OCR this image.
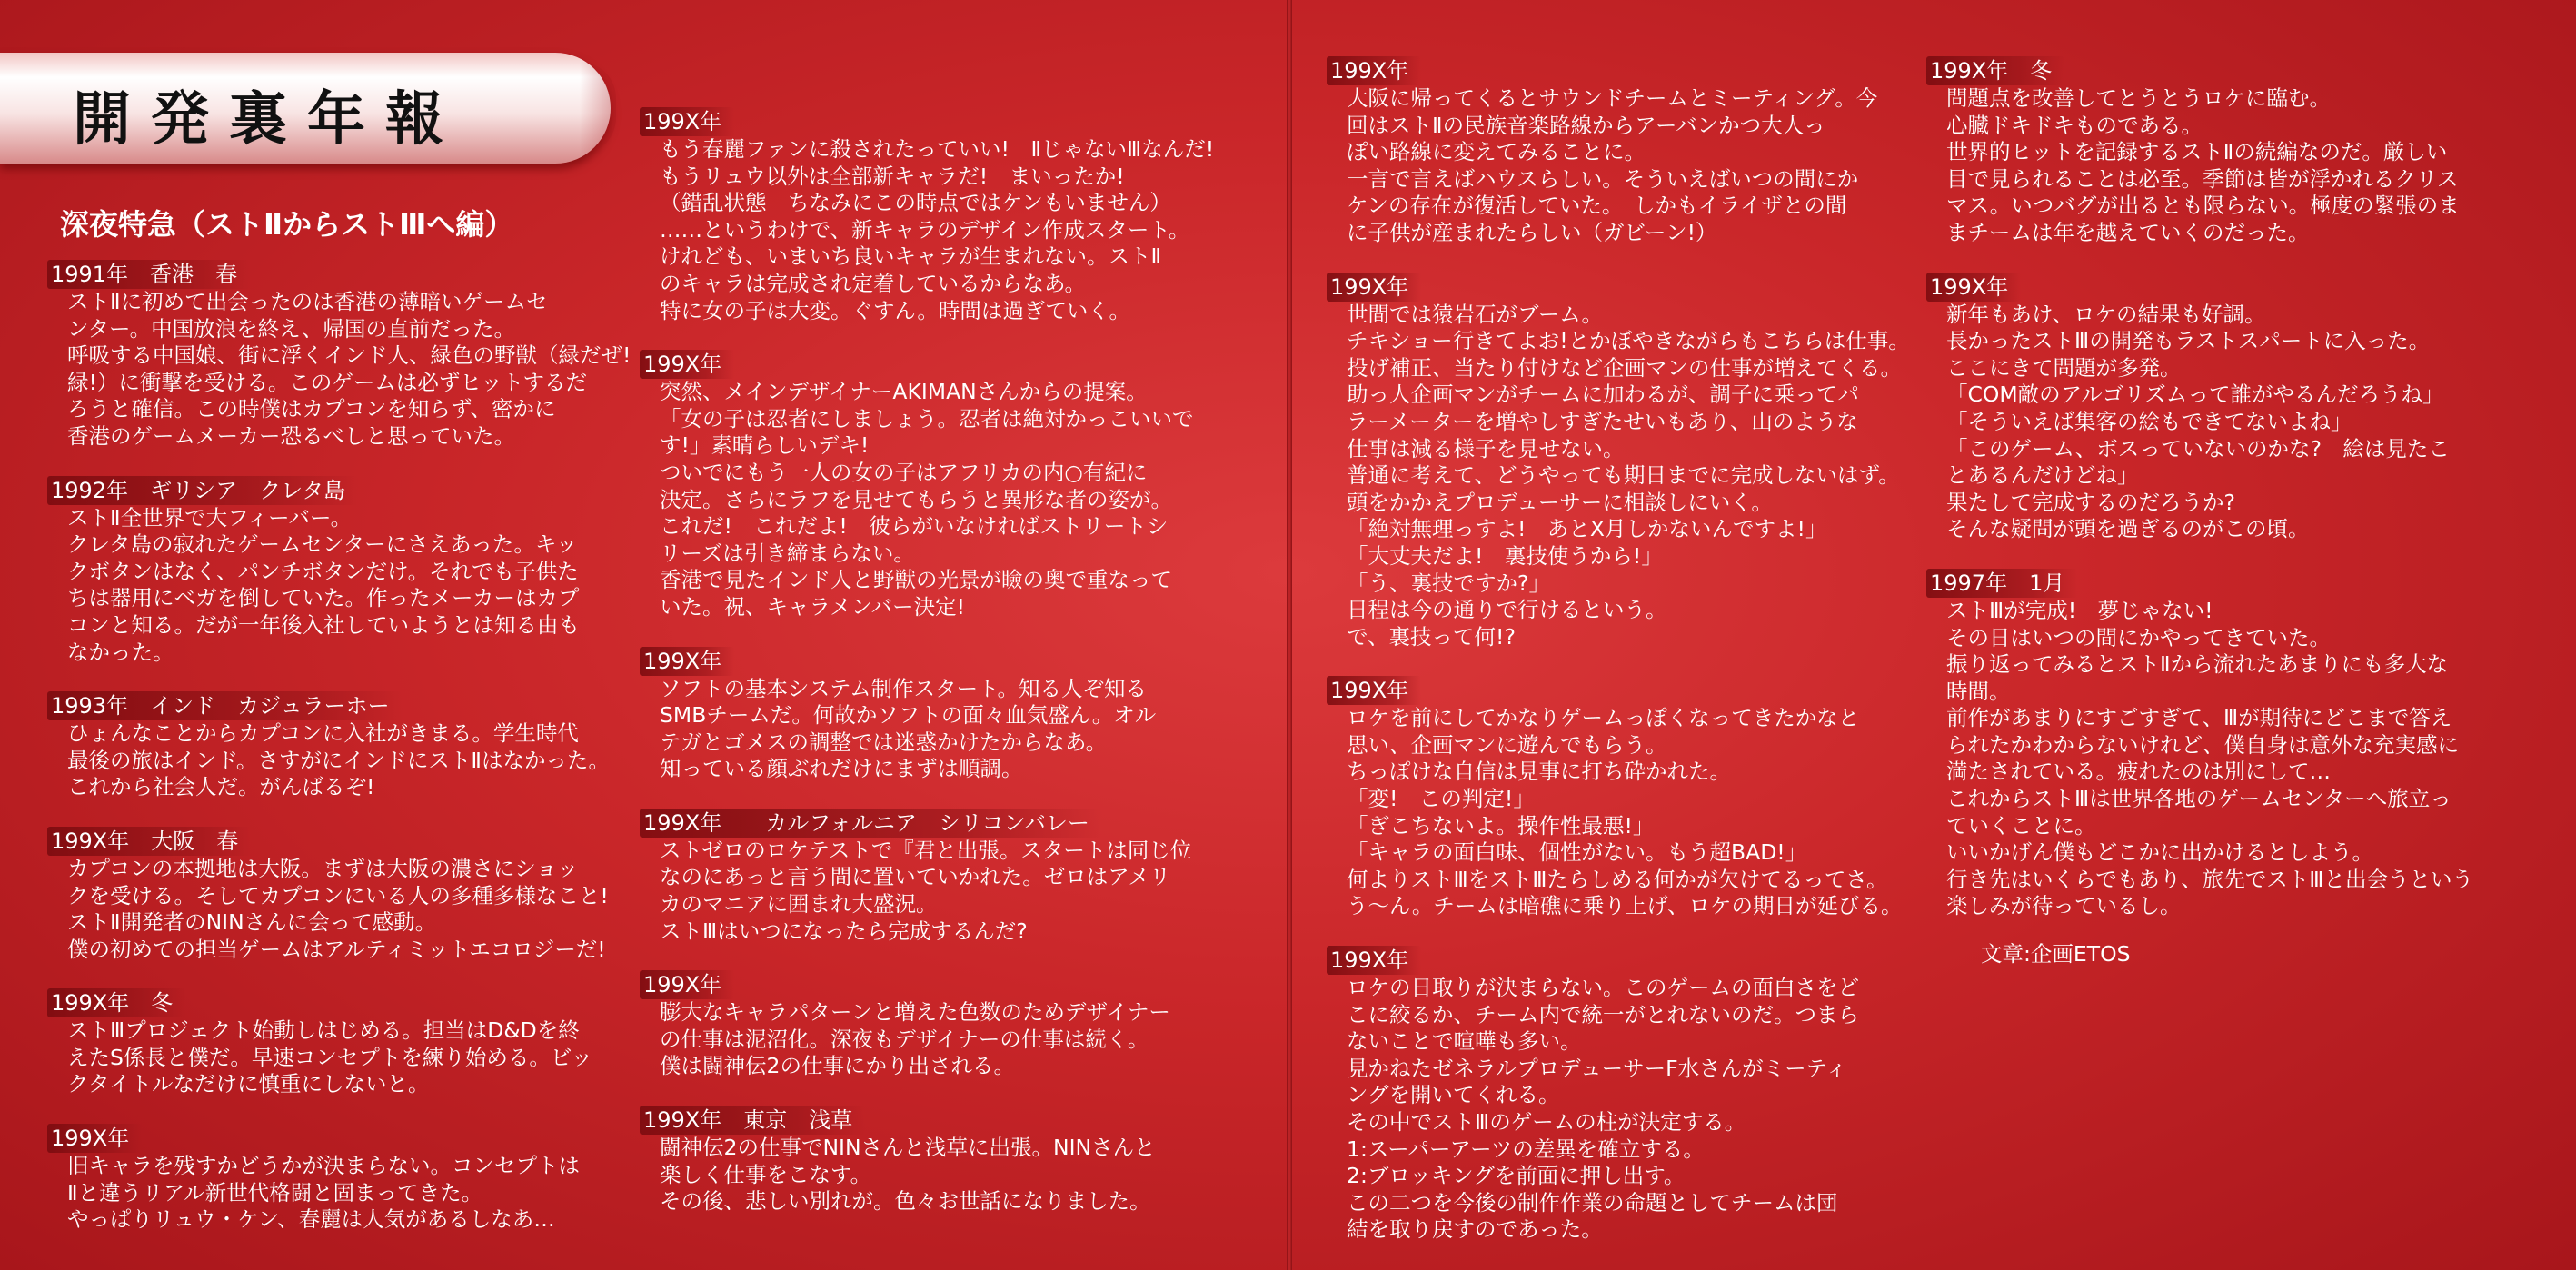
開発裏年報
深夜特急（ストⅡからストⅢへ編）
1991年　香港　春
ストⅡに初めて出会ったのは香港の薄暗いゲームセ
ンター。中国放浪を終え、帰国の直前だった。
呼吸する中国娘、街に浮くインド人、緑色の野獣（緑だぜ!
緑!）に衝撃を受ける。このゲームは必ずヒットするだ
ろうと確信。この時僕はカプコンを知らず、密かに
香港のゲームメーカー恐るべしと思っていた。
1992年　ギリシア　クレタ島
ストⅡ全世界で大フィーバー。
クレタ島の寂れたゲームセンターにさえあった。キッ
クボタンはなく、パンチボタンだけ。それでも子供た
ちは器用にベガを倒していた。作ったメーカーはカプ
コンと知る。だが一年後入社していようとは知る由も
なかった。
1993年　インド　カジュラーホー
ひょんなことからカプコンに入社がきまる。学生時代
最後の旅はインド。さすがにインドにストⅡはなかった。
これから社会人だ。がんばるぞ!
199X年　大阪　春
カプコンの本拠地は大阪。まずは大阪の濃さにショッ
クを受ける。そしてカプコンにいる人の多種多様なこと!
ストⅡ開発者のNINさんに会って感動。
僕の初めての担当ゲームはアルティミットエコロジーだ!
199X年　冬
ストⅢプロジェクト始動しはじめる。担当はD&Dを終
えたS係長と僕だ。早速コンセプトを練り始める。ビッ
クタイトルなだけに慎重にしないと。
199X年
旧キャラを残すかどうかが決まらない。コンセプトは
Ⅱと違うリアル新世代格闘と固まってきた。
やっぱりリュウ・ケン、春麗は人気があるしなあ…
199X年
もう春麗ファンに殺されたっていい!　ⅡじゃないⅢなんだ!
もうリュウ以外は全部新キャラだ!　まいったか!
（錯乱状態　ちなみにこの時点ではケンもいません）
……というわけで、新キャラのデザイン作成スタート。
けれども、いまいち良いキャラが生まれない。ストⅡ
のキャラは完成され定着しているからなあ。
特に女の子は大変。ぐすん。時間は過ぎていく。
199X年
突然、メインデザイナーAKIMANさんからの提案。
「女の子は忍者にしましょう。忍者は絶対かっこいいで
す!」素晴らしいデキ!
ついでにもう一人の女の子はアフリカの内○有紀に
決定。さらにラフを見せてもらうと異形な者の姿が。
これだ!　これだよ!　彼らがいなければストリートシ
リーズは引き締まらない。
香港で見たインド人と野獣の光景が瞼の奥で重なって
いた。祝、キャラメンバー決定!
199X年
ソフトの基本システム制作スタート。知る人ぞ知る
SMBチームだ。何故かソフトの面々血気盛ん。オル
テガとゴメスの調整では迷惑かけたからなあ。
知っている顔ぶれだけにまずは順調。
199X年　　カルフォルニア　シリコンバレー
ストゼロのロケテストで『君と出張。スタートは同じ位
なのにあっと言う間に置いていかれた。ゼロはアメリ
カのマニアに囲まれ大盛況。
ストⅢはいつになったら完成するんだ?
199X年
膨大なキャラパターンと増えた色数のためデザイナー
の仕事は泥沼化。深夜もデザイナーの仕事は続く。
僕は闘神伝2の仕事にかり出される。
199X年　東京　浅草
闘神伝2の仕事でNINさんと浅草に出張。NINさんと
楽しく仕事をこなす。
その後、悲しい別れが。色々お世話になりました。
199X年
大阪に帰ってくるとサウンドチームとミーティング。今
回はストⅡの民族音楽路線からアーバンかつ大人っ
ぽい路線に変えてみることに。
一言で言えばハウスらしい。そういえばいつの間にか
ケンの存在が復活していた。　しかもイライザとの間
に子供が産まれたらしい（ガビーン!）
199X年
世間では猿岩石がブーム。
チキショー行きてよお!とかぼやきながらもこちらは仕事。
投げ補正、当たり付けなど企画マンの仕事が増えてくる。
助っ人企画マンがチームに加わるが、調子に乗ってパ
ラーメーターを増やしすぎたせいもあり、山のような
仕事は減る様子を見せない。
普通に考えて、どうやっても期日までに完成しないはず。
頭をかかえプロデューサーに相談しにいく。
「絶対無理っすよ!　あとX月しかないんですよ!」
「大丈夫だよ!　裏技使うから!」
「う、裏技ですか?」
日程は今の通りで行けるという。
で、裏技って何!?
199X年
ロケを前にしてかなりゲームっぽくなってきたかなと
思い、企画マンに遊んでもらう。
ちっぽけな自信は見事に打ち砕かれた。
「変!　この判定!」
「ぎこちないよ。操作性最悪!」
「キャラの面白味、個性がない。もう超BAD!」
何よりストⅢをストⅢたらしめる何かが欠けてるってさ。
う～ん。チームは暗礁に乗り上げ、ロケの期日が延びる。
199X年
ロケの日取りが決まらない。このゲームの面白さをど
こに絞るか、チーム内で統一がとれないのだ。つまら
ないことで喧嘩も多い。
見かねたゼネラルプロデューサーF水さんがミーティ
ングを開いてくれる。
その中でストⅢのゲームの柱が決定する。
1:スーパーアーツの差異を確立する。
2:ブロッキングを前面に押し出す。
この二つを今後の制作作業の命題としてチームは団
結を取り戻すのであった。
199X年　冬
問題点を改善してとうとうロケに臨む。
心臓ドキドキものである。
世界的ヒットを記録するストⅡの続編なのだ。厳しい
目で見られることは必至。季節は皆が浮かれるクリス
マス。いつバグが出るとも限らない。極度の緊張のま
まチームは年を越えていくのだった。
199X年
新年もあけ、ロケの結果も好調。
長かったストⅢの開発もラストスパートに入った。
ここにきて問題が多発。
「COM敵のアルゴリズムって誰がやるんだろうね」
「そういえば集客の絵もできてないよね」
「このゲーム、ボスっていないのかな?　絵は見たこ
とあるんだけどね」
果たして完成するのだろうか?
そんな疑問が頭を過ぎるのがこの頃。
1997年　1月
ストⅢが完成!　夢じゃない!
その日はいつの間にかやってきていた。
振り返ってみるとストⅡから流れたあまりにも多大な
時間。
前作があまりにすごすぎて、Ⅲが期待にどこまで答え
られたかわからないけれど、僕自身は意外な充実感に
満たされている。疲れたのは別にして…
これからストⅢは世界各地のゲームセンターへ旅立っ
ていくことに。
いいかげん僕もどこかに出かけるとしよう。
行き先はいくらでもあり、旅先でストⅢと出会うという
楽しみが待っているし。
文章:企画ETOS
